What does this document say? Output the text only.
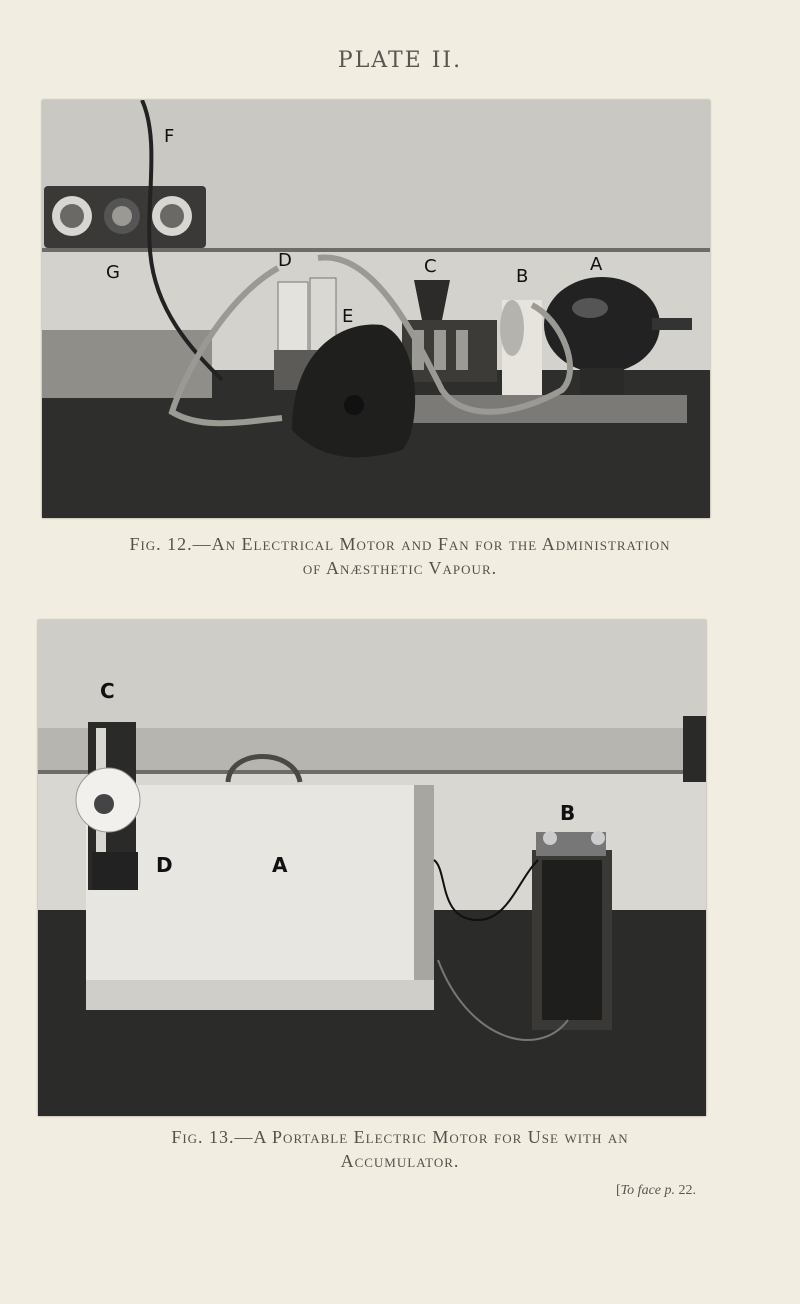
PLATE II.
F
G
D	C	B
A
E
Fig. 12.—An Electrical Motor and Fan for the Administration
of Anæsthetic Vapour.
C
D	A
B
Fig. 13.—A Portable Electric Motor for Use with an
Accumulator.
[To face p. 22.
